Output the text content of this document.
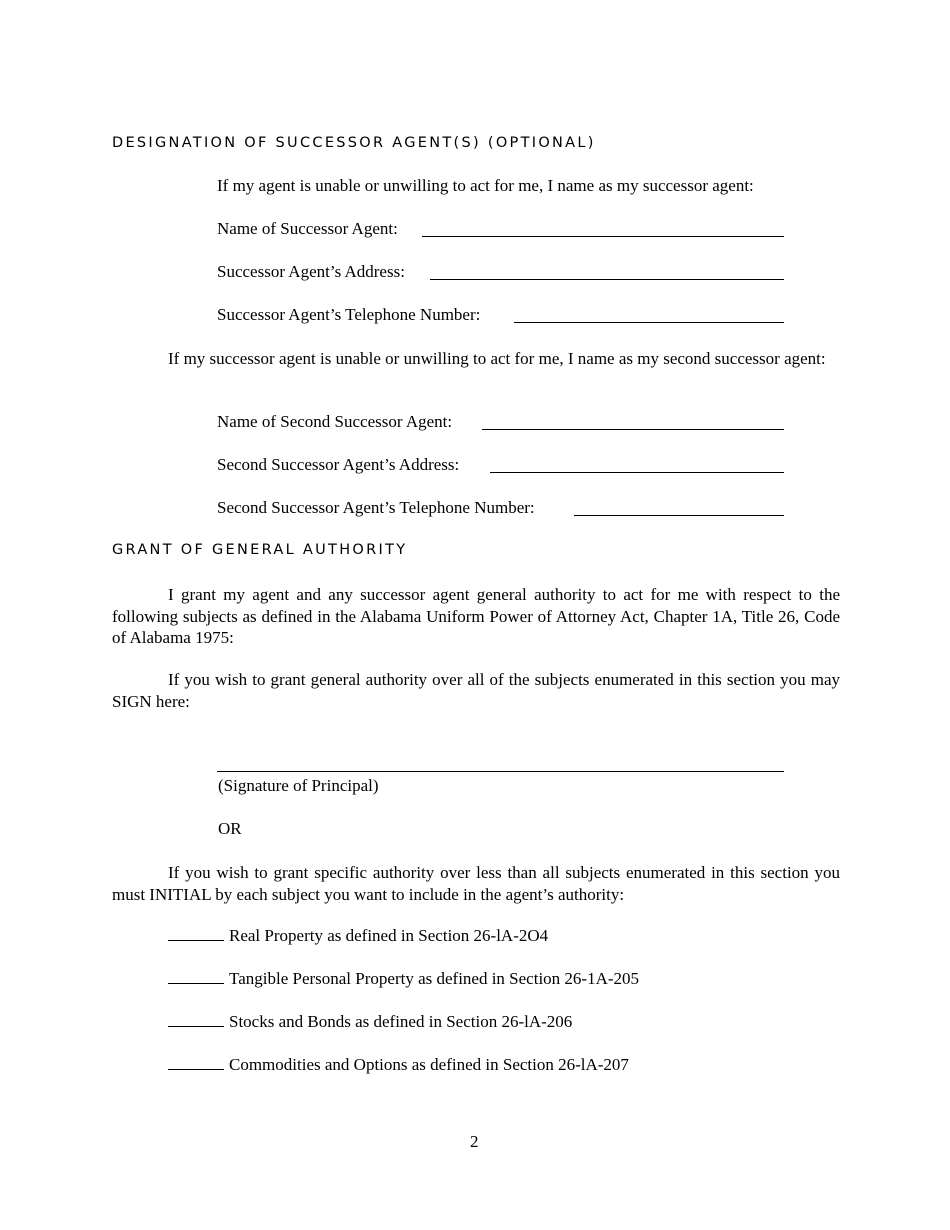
DESIGNATION OF SUCCESSOR AGENT(S) (OPTIONAL)
If my agent is unable or unwilling to act for me, I name as my successor agent:
Name of Successor Agent:
Successor Agent’s Address:
Successor Agent’s Telephone Number:
If my successor agent is unable or unwilling to act for me, I name as my second successor agent:
Name of Second Successor Agent:
Second Successor Agent’s Address:
Second Successor Agent’s Telephone Number:
GRANT OF GENERAL AUTHORITY
I grant my agent and any successor agent general authority to act for me with respect to the following subjects as defined in the Alabama Uniform Power of Attorney Act, Chapter 1A, Title 26, Code of Alabama 1975:
If you wish to grant general authority over all of the subjects enumerated in this section you may SIGN here:
(Signature of Principal)
OR
If you wish to grant specific authority over less than all subjects enumerated in this section you must INITIAL by each subject you want to include in the agent’s authority:
Real Property as defined in Section 26-lA-2O4
Tangible Personal Property as defined in Section 26-1A-205
Stocks and Bonds as defined in Section 26-lA-206
Commodities and Options as defined in Section 26-lA-207
2
